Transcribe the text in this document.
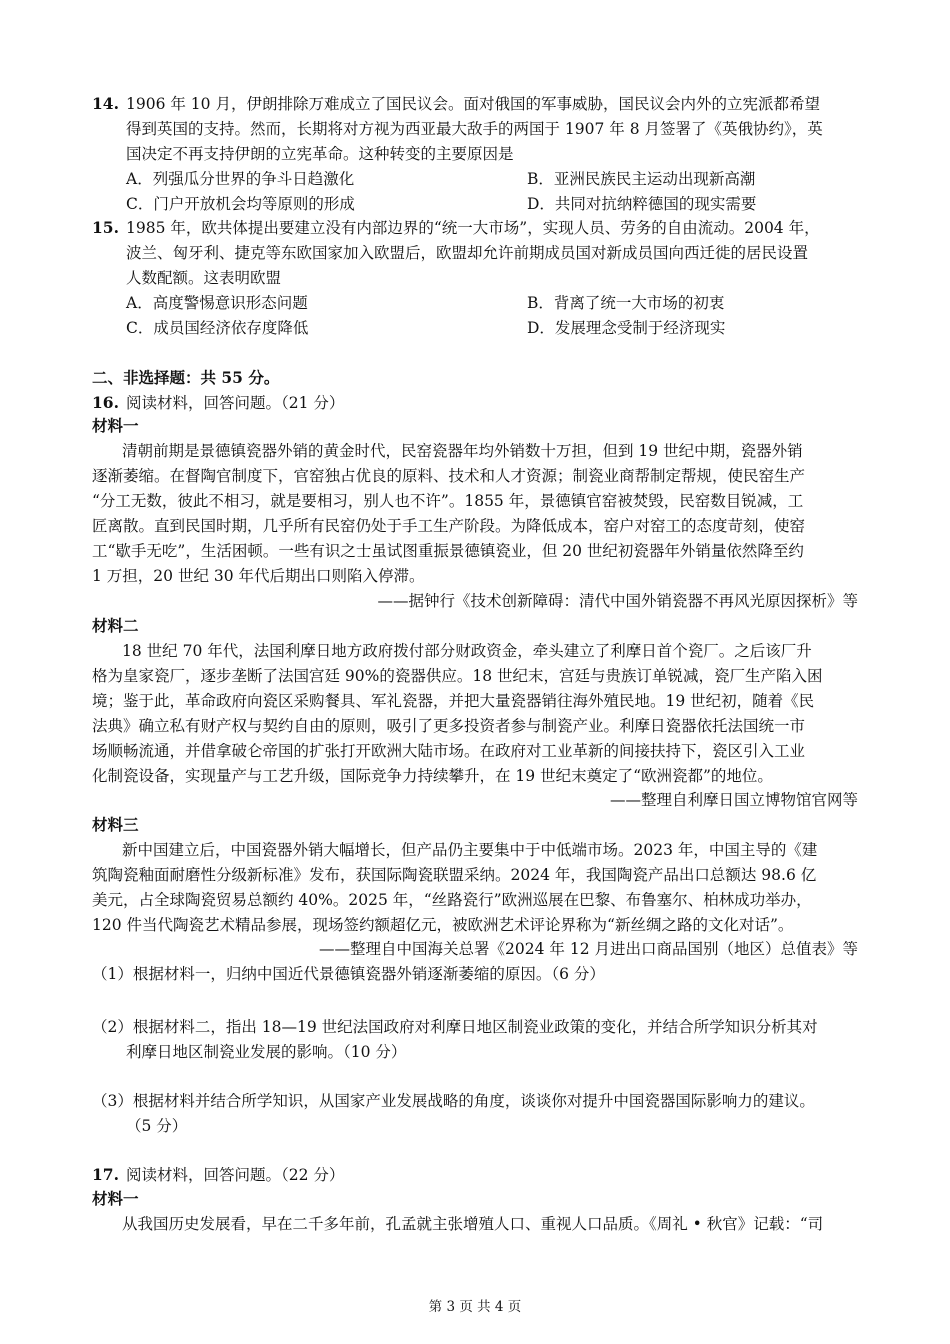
14. 1906 年 10 月，伊朗排除万难成立了国民议会。面对俄国的军事威胁，国民议会内外的立宪派都希望
得到英国的支持。然而，长期将对方视为西亚最大敌手的两国于 1907 年 8 月签署了《英俄协约》，英
国决定不再支持伊朗的立宪革命。这种转变的主要原因是
A．列强瓜分世界的争斗日趋激化	B．亚洲民族民主运动出现新高潮
C．门户开放机会均等原则的形成	D．共同对抗纳粹德国的现实需要
15. 1985 年，欧共体提出要建立没有内部边界的“统一大市场”，实现人员、劳务的自由流动。2004 年，
波兰、匈牙利、捷克等东欧国家加入欧盟后，欧盟却允许前期成员国对新成员国向西迁徙的居民设置
人数配额。这表明欧盟
A．高度警惕意识形态问题	B．背离了统一大市场的初衷
C．成员国经济依存度降低	D．发展理念受制于经济现实
二、非选择题：共 55 分。
16. 阅读材料，回答问题。（21 分）
材料一
清朝前期是景德镇瓷器外销的黄金时代，民窑瓷器年均外销数十万担，但到 19 世纪中期，瓷器外销
逐渐萎缩。在督陶官制度下，官窑独占优良的原料、技术和人才资源；制瓷业商帮制定帮规，使民窑生产
“分工无数，彼此不相习，就是要相习，别人也不许”。1855 年，景德镇官窑被焚毁，民窑数目锐减，工
匠离散。直到民国时期，几乎所有民窑仍处于手工生产阶段。为降低成本，窑户对窑工的态度苛刻，使窑
工“歇手无吃”，生活困顿。一些有识之士虽试图重振景德镇瓷业，但 20 世纪初瓷器年外销量依然降至约
1 万担，20 世纪 30 年代后期出口则陷入停滞。
——据钟行《技术创新障碍：清代中国外销瓷器不再风光原因探析》等
材料二
18 世纪 70 年代，法国利摩日地方政府拨付部分财政资金，牵头建立了利摩日首个瓷厂。之后该厂升
格为皇家瓷厂，逐步垄断了法国宫廷 90%的瓷器供应。18 世纪末，宫廷与贵族订单锐减，瓷厂生产陷入困
境；鉴于此，革命政府向瓷区采购餐具、军礼瓷器，并把大量瓷器销往海外殖民地。19 世纪初，随着《民
法典》确立私有财产权与契约自由的原则，吸引了更多投资者参与制瓷产业。利摩日瓷器依托法国统一市
场顺畅流通，并借拿破仑帝国的扩张打开欧洲大陆市场。在政府对工业革新的间接扶持下，瓷区引入工业
化制瓷设备，实现量产与工艺升级，国际竞争力持续攀升，在 19 世纪末奠定了“欧洲瓷都”的地位。
——整理自利摩日国立博物馆官网等
材料三
新中国建立后，中国瓷器外销大幅增长，但产品仍主要集中于中低端市场。2023 年，中国主导的《建
筑陶瓷釉面耐磨性分级新标准》发布，获国际陶瓷联盟采纳。2024 年，我国陶瓷产品出口总额达 98.6 亿
美元，占全球陶瓷贸易总额约 40%。2025 年，“丝路瓷行”欧洲巡展在巴黎、布鲁塞尔、柏林成功举办，
120 件当代陶瓷艺术精品参展，现场签约额超亿元，被欧洲艺术评论界称为“新丝绸之路的文化对话”。
——整理自中国海关总署《2024 年 12 月进出口商品国别（地区）总值表》等
（1）根据材料一，归纳中国近代景德镇瓷器外销逐渐萎缩的原因。（6 分）
（2）根据材料二，指出 18—19 世纪法国政府对利摩日地区制瓷业政策的变化，并结合所学知识分析其对
利摩日地区制瓷业发展的影响。（10 分）
（3）根据材料并结合所学知识，从国家产业发展战略的角度，谈谈你对提升中国瓷器国际影响力的建议。
（5 分）
17. 阅读材料，回答问题。（22 分）
材料一
从我国历史发展看，早在二千多年前，孔孟就主张增殖人口、重视人口品质。《周礼 • 秋官》记载：“司
第 3 页 共 4 页
